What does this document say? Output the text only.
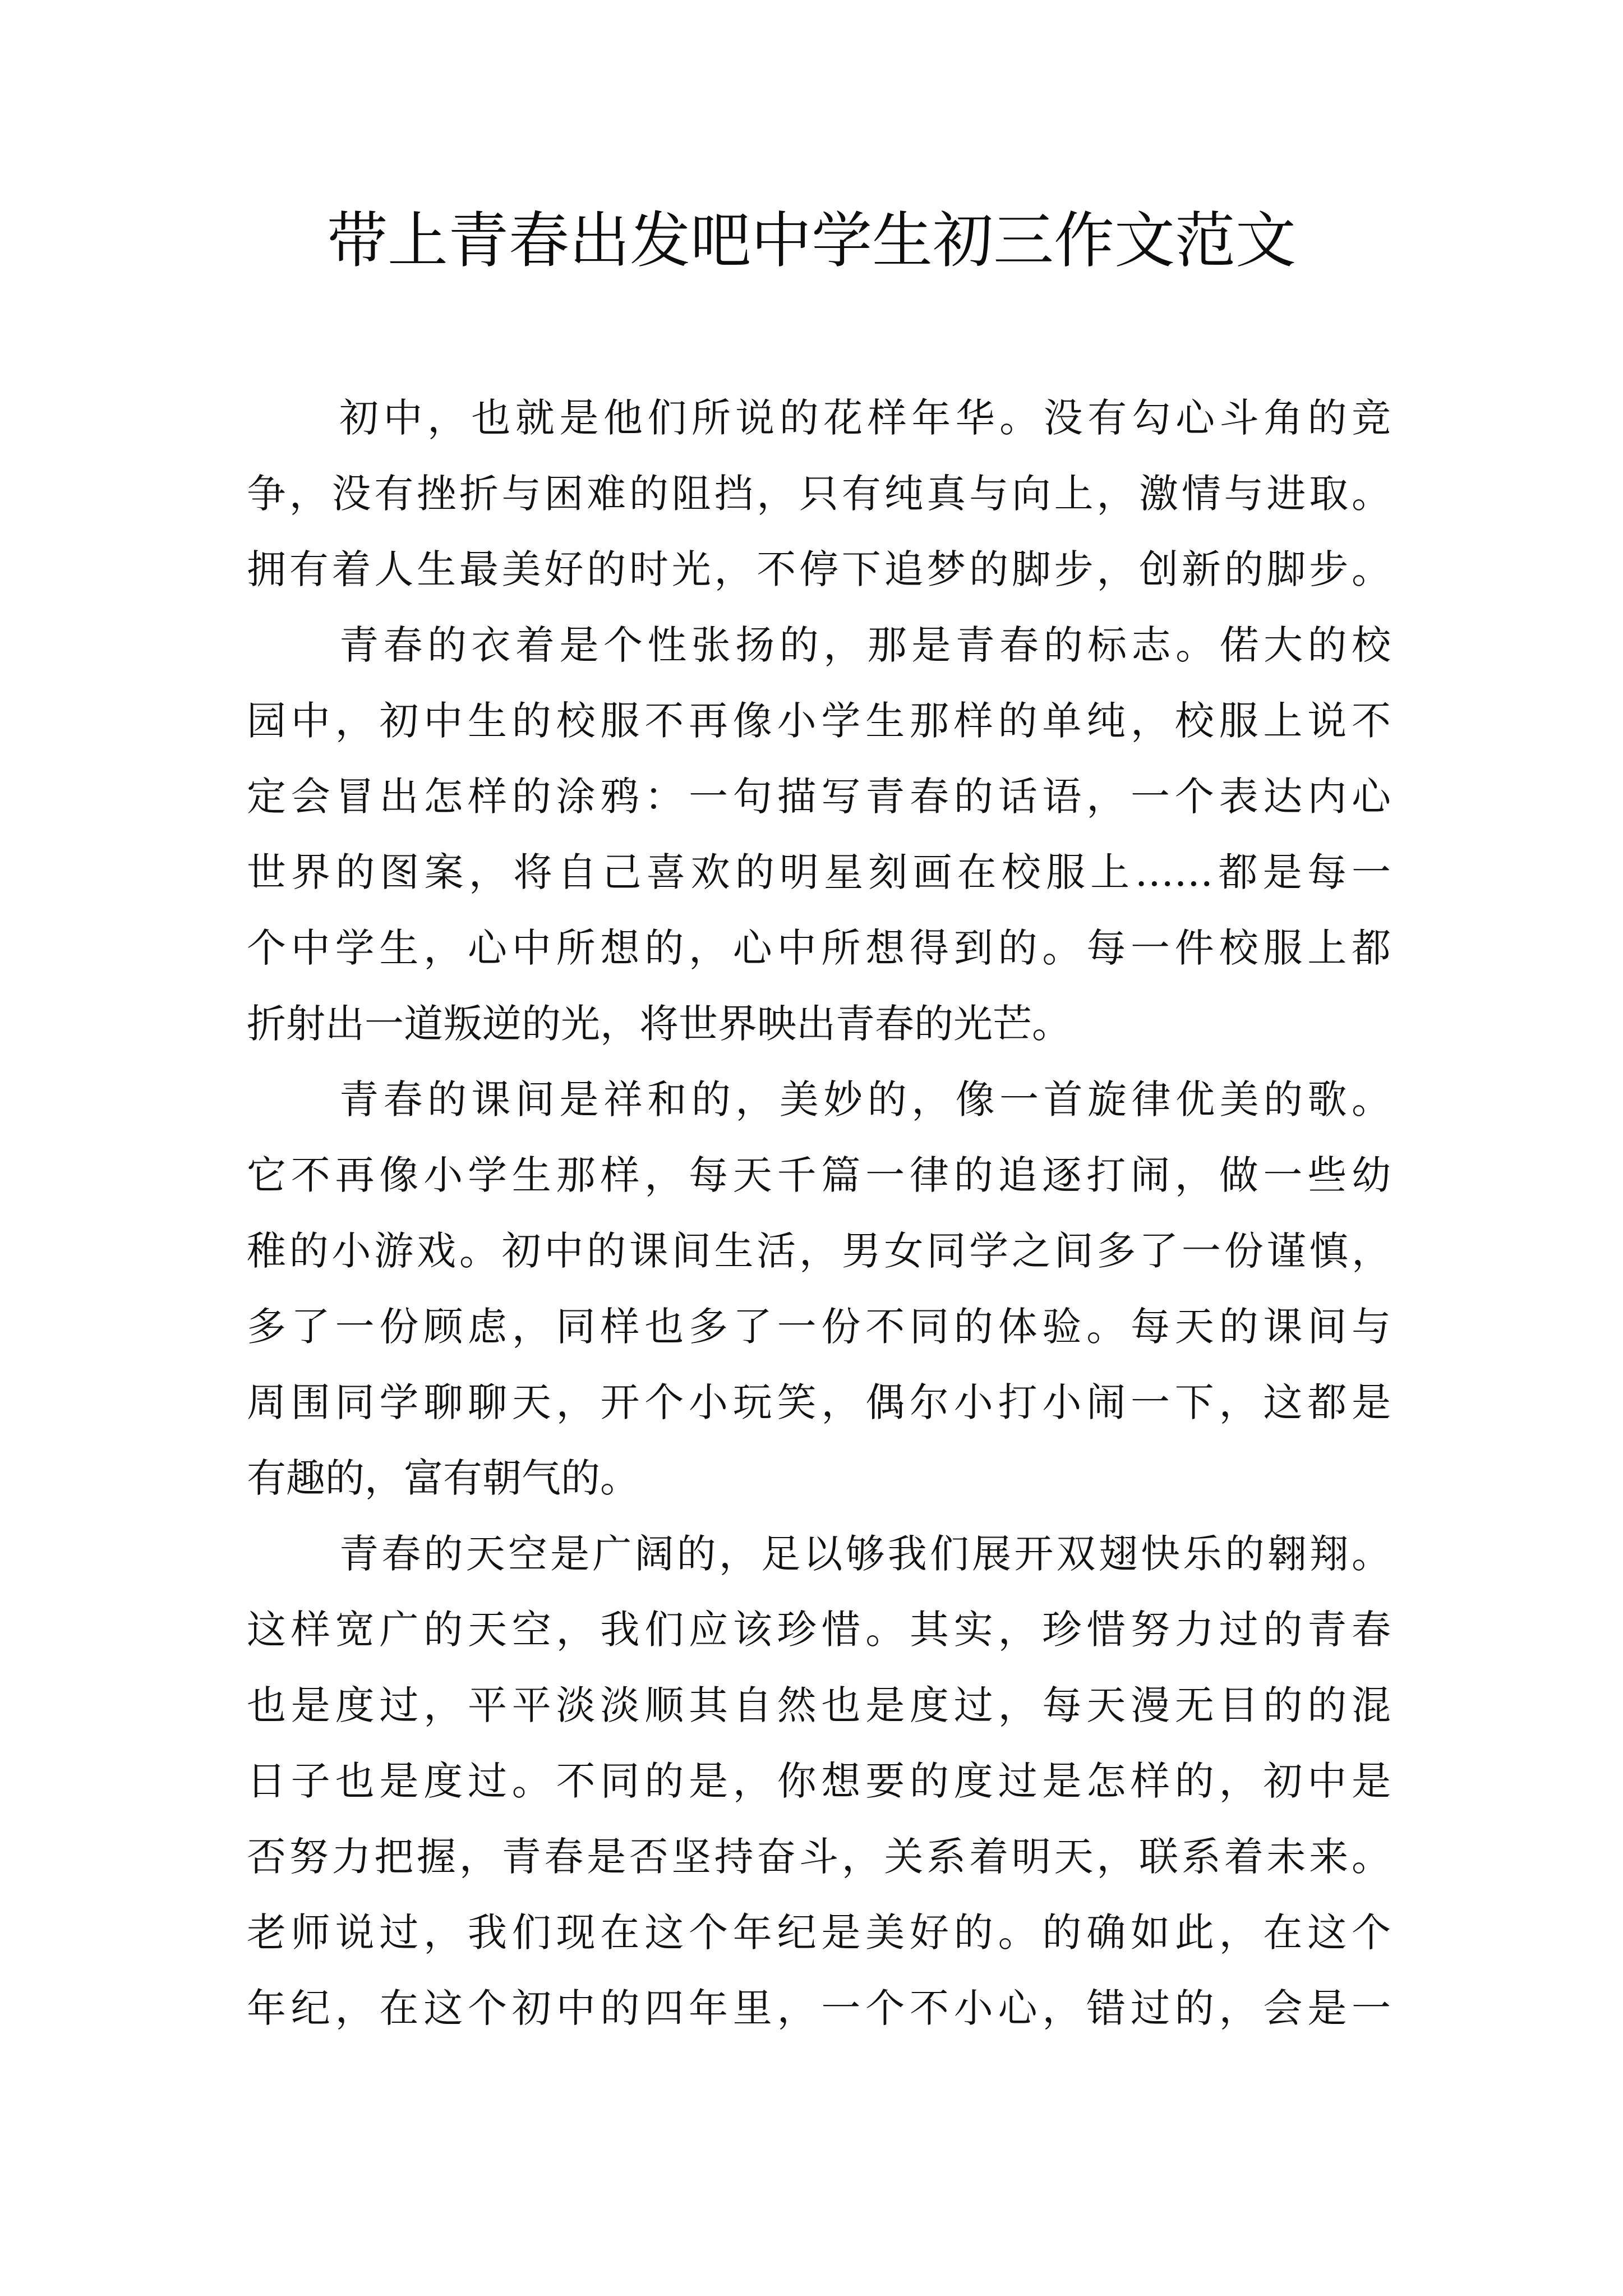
带上青春出发吧中学生初三作文范文
初中，也就是他们所说的花样年华。没有勾心斗角的竞
争，没有挫折与困难的阻挡，只有纯真与向上，激情与进取。
拥有着人生最美好的时光，不停下追梦的脚步，创新的脚步。
青春的衣着是个性张扬的，那是青春的标志。偌大的校
园中，初中生的校服不再像小学生那样的单纯，校服上说不
定会冒出怎样的涂鸦：一句描写青春的话语，一个表达内心
世界的图案，将自己喜欢的明星刻画在校服上……都是每一
个中学生，心中所想的，心中所想得到的。每一件校服上都
折射出一道叛逆的光，将世界映出青春的光芒。
青春的课间是祥和的，美妙的，像一首旋律优美的歌。
它不再像小学生那样，每天千篇一律的追逐打闹，做一些幼
稚的小游戏。初中的课间生活，男女同学之间多了一份谨慎，
多了一份顾虑，同样也多了一份不同的体验。每天的课间与
周围同学聊聊天，开个小玩笑，偶尔小打小闹一下，这都是
有趣的，富有朝气的。
青春的天空是广阔的，足以够我们展开双翅快乐的翱翔。
这样宽广的天空，我们应该珍惜。其实，珍惜努力过的青春
也是度过，平平淡淡顺其自然也是度过，每天漫无目的的混
日子也是度过。不同的是，你想要的度过是怎样的，初中是
否努力把握，青春是否坚持奋斗，关系着明天，联系着未来。
老师说过，我们现在这个年纪是美好的。的确如此，在这个
年纪，在这个初中的四年里，一个不小心，错过的，会是一
